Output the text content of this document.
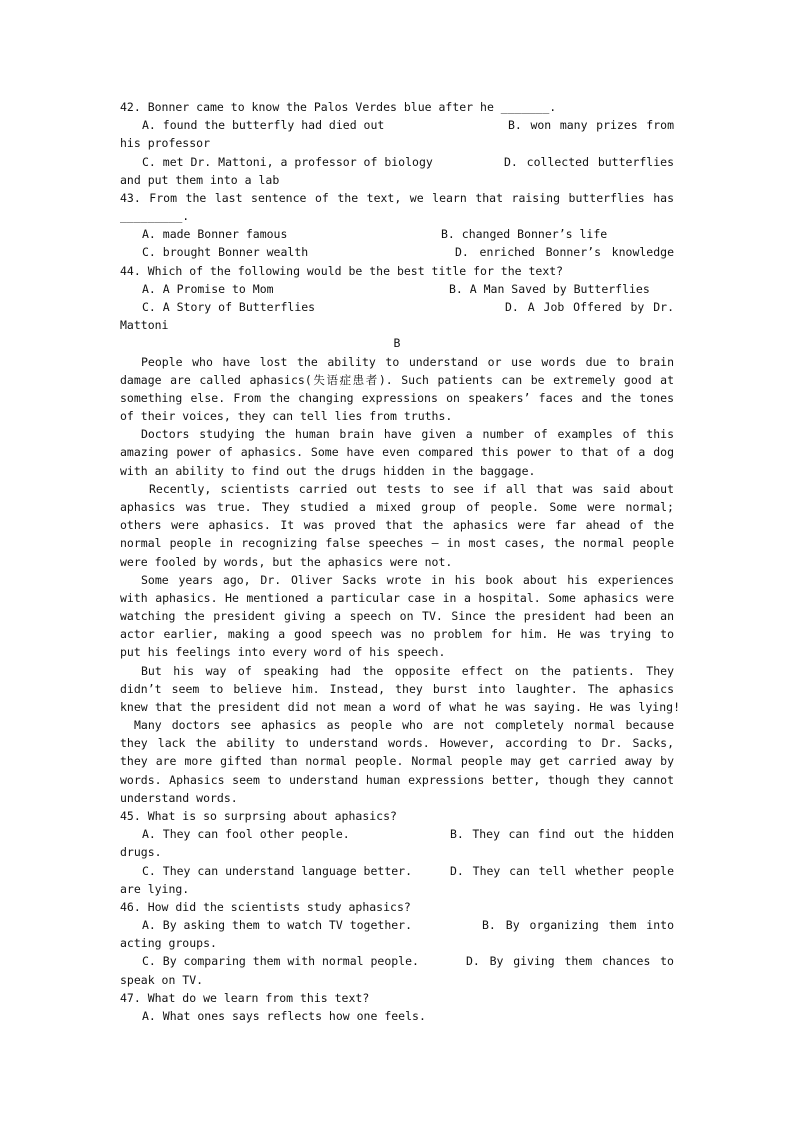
42. Bonner came to know the Palos Verdes blue after he _______.
A. found the butterfly had died out	B. won many prizes from
his professor
C. met Dr. Mattoni, a professor of biology	D. collected butterflies
and put them into a lab
43. From the last sentence of the text, we learn that raising butterflies has
_________.
A. made Bonner famous	B. changed Bonner’s life
C. brought Bonner wealth	D. enriched Bonner’s knowledge
44. Which of the following would be the best title for the text?
A. A Promise to Mom	B. A Man Saved by Butterflies
C. A Story of Butterflies	D. A Job Offered by Dr.
Mattoni
B
People who have lost the ability to understand or use words due to brain
damage are called aphasics(失语症患者). Such patients can be extremely good at
something else. From the changing expressions on speakers’ faces and the tones
of their voices, they can tell lies from truths.
Doctors studying the human brain have given a number of examples of this
amazing power of aphasics. Some have even compared this power to that of a dog
with an ability to find out the drugs hidden in the baggage.
Recently, scientists carried out tests to see if all that was said about
aphasics was true. They studied a mixed group of people. Some were normal;
others were aphasics. It was proved that the aphasics were far ahead of the
normal people in recognizing false speeches — in most cases, the normal people
were fooled by words, but the aphasics were not.
Some years ago, Dr. Oliver Sacks wrote in his book about his experiences
with aphasics. He mentioned a particular case in a hospital. Some aphasics were
watching the president giving a speech on TV. Since the president had been an
actor earlier, making a good speech was no problem for him. He was trying to
put his feelings into every word of his speech.
But his way of speaking had the opposite effect on the patients. They
didn’t seem to believe him. Instead, they burst into laughter. The aphasics
knew that the president did not mean a word of what he was saying. He was lying!
Many doctors see aphasics as people who are not completely normal because
they lack the ability to understand words. However, according to Dr. Sacks,
they are more gifted than normal people. Normal people may get carried away by
words. Aphasics seem to understand human expressions better, though they cannot
understand words.
45. What is so surprsing about aphasics?
A. They can fool other people.	B. They can find out the hidden
drugs.
C. They can understand language better.	D. They can tell whether people
are lying.
46. How did the scientists study aphasics?
A. By asking them to watch TV together.	B. By organizing them into
acting groups.
C. By comparing them with normal people.	D. By giving them chances to
speak on TV.
47. What do we learn from this text?
A. What ones says reflects how one feels.
